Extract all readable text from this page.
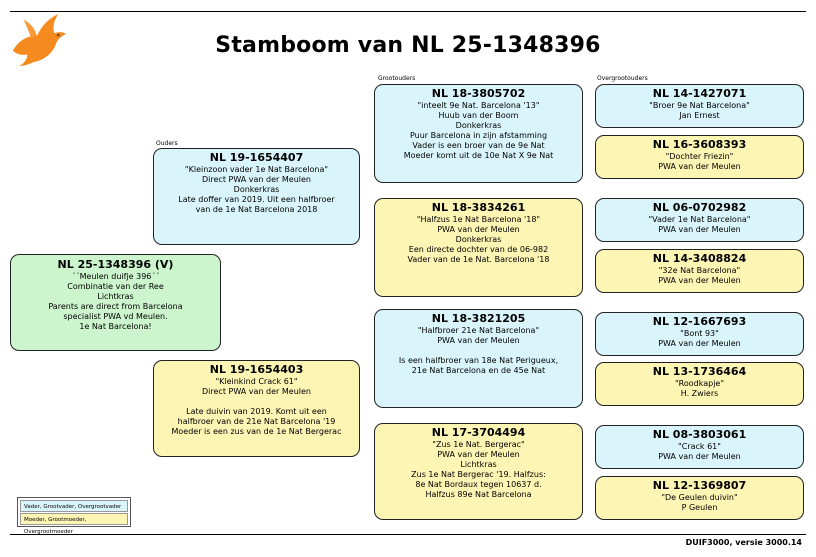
Stamboom van NL 25-1348396
Ouders
Grootouders	Overgrootouders
NL 25-1348396 (V)
´´Meulen duifje 396´´
Combinatie van der Ree
Lichtkras
Parents are direct from Barcelona
specialist PWA vd Meulen.
1e Nat Barcelona!
NL 19-1654407
"Kleinzoon vader 1e Nat Barcelona"
Direct PWA van der Meulen
Donkerkras
Late doffer van 2019. Uit een halfbroer
van de 1e Nat Barcelona 2018
NL 19-1654403
"Kleinkind Crack 61"
Direct PWA van der Meulen
Late duivin van 2019. Komt uit een
halfbroer van de 21e Nat Barcelona '19
Moeder is een zus van de 1e Nat Bergerac
NL 18-3805702
"inteelt 9e Nat. Barcelona '13"
Huub van der Boom
Donkerkras
Puur Barcelona in zijn afstamming
Vader is een broer van de 9e Nat
Moeder komt uit de 10e Nat X 9e Nat
NL 18-3834261
"Halfzus 1e Nat Barcelona '18"
PWA van der Meulen
Donkerkras
Een directe dochter van de 06-982
Vader van de 1e Nat. Barcelona '18
NL 18-3821205
"Halfbroer 21e Nat Barcelona"
PWA van der Meulen
Is een halfbroer van 18e Nat Perigueux,
21e Nat Barcelona en de 45e Nat
NL 17-3704494
"Zus 1e Nat. Bergerac"
PWA van der Meulen
Lichtkras
Zus 1e Nat Bergerac '19. Halfzus:
8e Nat Bordaux tegen 10637 d.
Halfzus 89e Nat Barcelona
NL 14-1427071
"Broer 9e Nat Barcelona"
Jan Ernest
NL 16-3608393
"Dochter Friezin"
PWA van der Meulen
NL 06-0702982
"Vader 1e Nat Barcelona"
PWA van der Meulen
NL 14-3408824
"32e Nat Barcelona"
PWA van der Meulen
NL 12-1667693
"Bont 93"
PWA van der Meulen
NL 13-1736464
"Roodkapje"
H. Zwiers
NL 08-3803061
"Crack 61"
PWA van der Meulen
NL 12-1369807
"De Geulen duivin"
P Geulen
Vader, Grootvader, Overgrootvader
Moeder, Grootmoeder, Overgrootmoeder
DUIF3000, versie 3000.14
